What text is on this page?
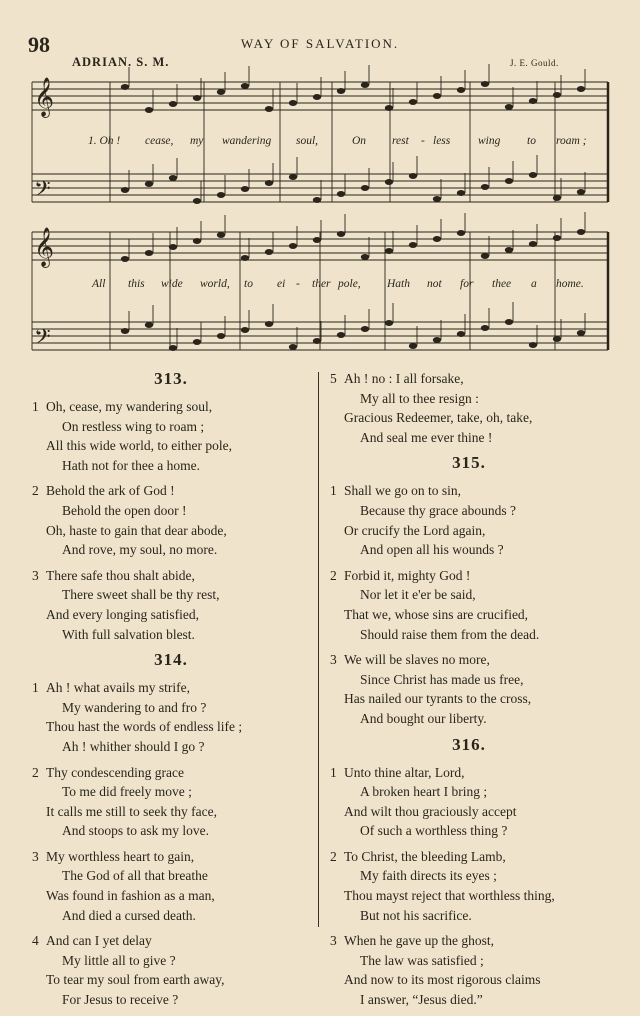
98	WAY OF SALVATION.
ADRIAN. S. M.	J. E. Gould.
𝄞
𝄢
𝄞
𝄢
1. Oh ! cease, my wandering soul,	On rest - less wing to roam ;
All this wide world, to ei - ther pole, Hath not for thee a home.
313.
1 Oh, cease, my wandering soul,
On restless wing to roam ;
All this wide world, to either pole,
Hath not for thee a home.
2 Behold the ark of God !
Behold the open door !
Oh, haste to gain that dear abode,
And rove, my soul, no more.
3 There safe thou shalt abide,
There sweet shall be thy rest,
And every longing satisfied,
With full salvation blest.
314.
1 Ah ! what avails my strife,
My wandering to and fro ?
Thou hast the words of endless life ;
Ah ! whither should I go ?
2 Thy condescending grace
To me did freely move ;
It calls me still to seek thy face,
And stoops to ask my love.
3 My worthless heart to gain,
The God of all that breathe
Was found in fashion as a man,
And died a cursed death.
4 And can I yet delay
My little all to give ?
To tear my soul from earth away,
For Jesus to receive ?
5 Ah ! no : I all forsake,
My all to thee resign :
Gracious Redeemer, take, oh, take,
And seal me ever thine !
315.
1 Shall we go on to sin,
Because thy grace abounds ?
Or crucify the Lord again,
And open all his wounds ?
2 Forbid it, mighty God !
Nor let it e'er be said,
That we, whose sins are crucified,
Should raise them from the dead.
3 We will be slaves no more,
Since Christ has made us free,
Has nailed our tyrants to the cross,
And bought our liberty.
316.
1 Unto thine altar, Lord,
A broken heart I bring ;
And wilt thou graciously accept
Of such a worthless thing ?
2 To Christ, the bleeding Lamb,
My faith directs its eyes ;
Thou mayst reject that worthless thing,
But not his sacrifice.
3 When he gave up the ghost,
The law was satisfied ;
And now to its most rigorous claims
I answer, “Jesus died.”
